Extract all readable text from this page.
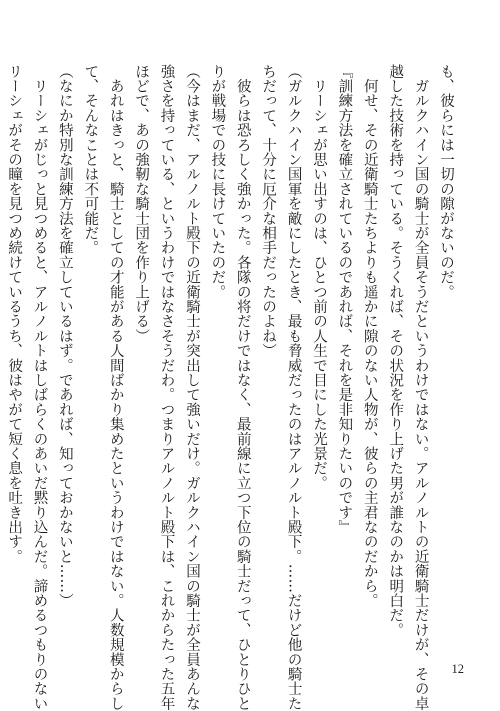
も、彼らには一切の隙がないのだ。
　ガルクハイン国の騎士が全員そうだというわけではない。アルノルトの近衛騎士だけが、その卓
越した技術を持っている。そうくれば、その状況を作り上げた男が誰なのかは明白だ。
　何せ、その近衛騎士たちよりも遥かに隙のない人物が、彼らの主君なのだから。
『訓練方法を確立されているのであれば、それを是非知りたいのです』
　リーシェが思い出すのは、ひとつ前の人生で目にした光景だ。
（ガルクハイン国軍を敵にしたとき、最も脅威だったのはアルノルト殿下。……だけど他の騎士た
ちだって、十分に厄介な相手だったのよね）
　彼らは恐ろしく強かった。各隊の将だけではなく、最前線に立つ下位の騎士だって、ひとりひと
りが戦場での技に長けていたのだ。
（今はまだ、アルノルト殿下の近衛騎士が突出して強いだけ。ガルクハイン国の騎士が全員あんな
強さを持っている、というわけではなさそうだわ。つまりアルノルト殿下は、これからたった五年
ほどで、あの強靭な騎士団を作り上げる）
　あれはきっと、騎士としての才能がある人間ばかり集めたというわけではない。人数規模からし
て、そんなことは不可能だ。
（なにか特別な訓練方法を確立しているはず。であれば、知っておかないと……）
　リーシェがじっと見つめると、アルノルトはしばらくのあいだ黙り込んだ。諦めるつもりのない
リーシェがその瞳を見つめ続けているうち、彼はやがて短く息を吐き出す。
12
